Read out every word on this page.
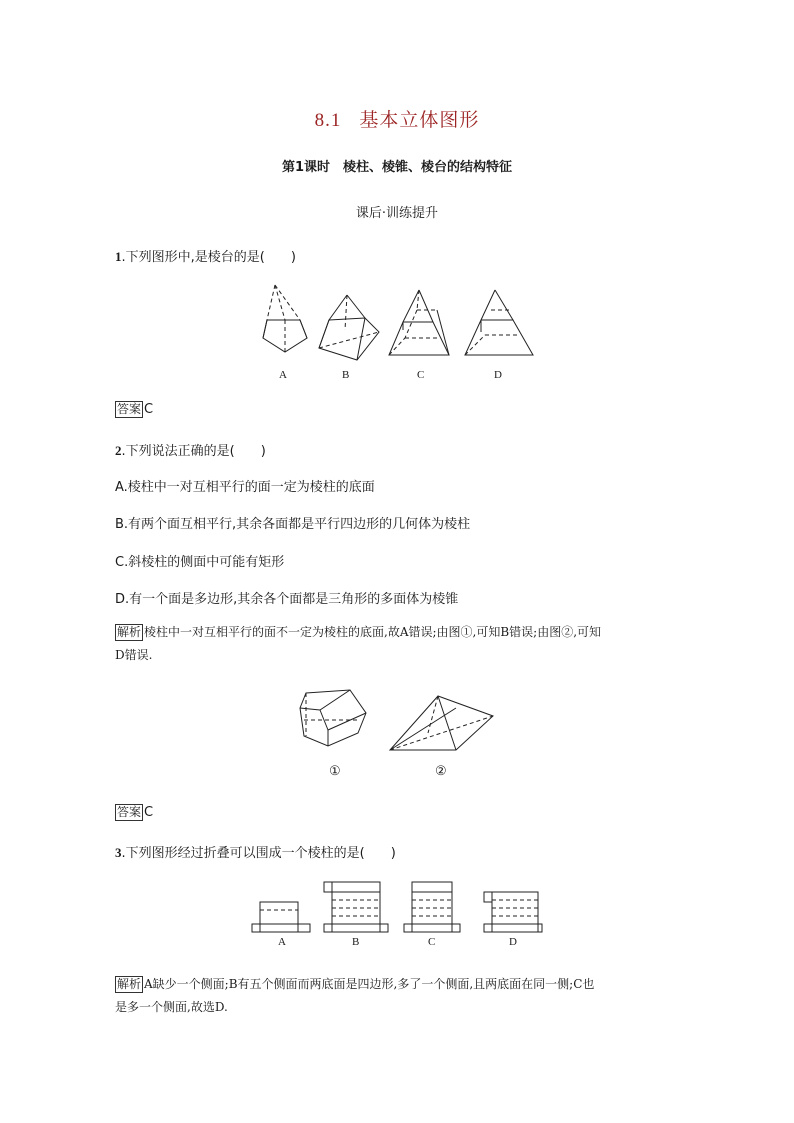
8.1 基本立体图形
第1课时　棱柱、棱锥、棱台的结构特征
课后·训练提升
1.下列图形中,是棱台的是(　　)
A	B	C	D
答案 C
2.下列说法正确的是(　　)
A.棱柱中一对互相平行的面一定为棱柱的底面
B.有两个面互相平行,其余各面都是平行四边形的几何体为棱柱
C.斜棱柱的侧面中可能有矩形
D.有一个面是多边形,其余各个面都是三角形的多面体为棱锥
解析 棱柱中一对互相平行的面不一定为棱柱的底面,故A错误;由图①,可知B错误;由图②,可知
D错误.
①	②
答案 C
3.下列图形经过折叠可以围成一个棱柱的是(　　)
A	B	C	D
解析 A缺少一个侧面;B有五个侧面而两底面是四边形,多了一个侧面,且两底面在同一侧;C也
是多一个侧面,故选D.
